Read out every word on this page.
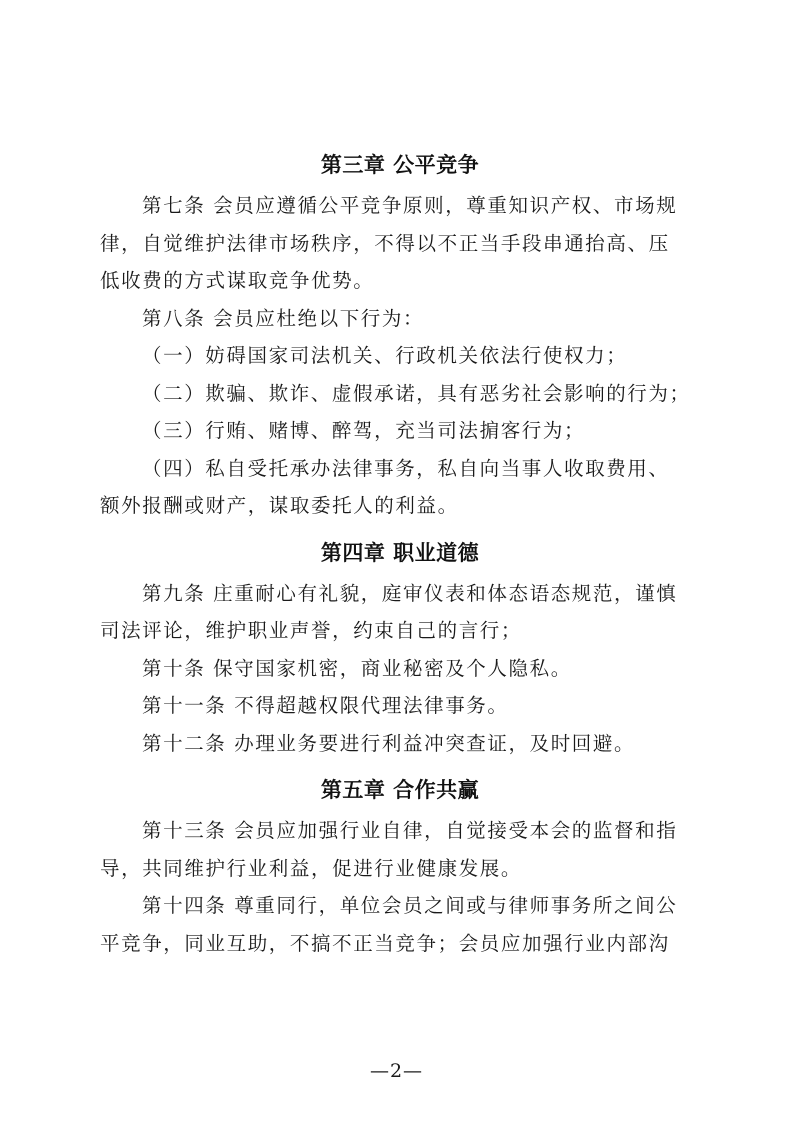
第三章 公平竞争

第七条 会员应遵循公平竞争原则，尊重知识产权、市场规

律，自觉维护法律市场秩序，不得以不正当手段串通抬高、压

低收费的方式谋取竞争优势。

第八条 会员应杜绝以下行为：

（一）妨碍国家司法机关、行政机关依法行使权力；

（二）欺骗、欺诈、虚假承诺，具有恶劣社会影响的行为；

（三）行贿、赌博、醉驾，充当司法掮客行为；

（四）私自受托承办法律事务，私自向当事人收取费用、

额外报酬或财产，谋取委托人的利益。

第四章 职业道德

第九条 庄重耐心有礼貌，庭审仪表和体态语态规范，谨慎

司法评论，维护职业声誉，约束自己的言行；

第十条 保守国家机密，商业秘密及个人隐私。

第十一条 不得超越权限代理法律事务。

第十二条 办理业务要进行利益冲突查证，及时回避。

第五章 合作共赢

第十三条 会员应加强行业自律，自觉接受本会的监督和指

导，共同维护行业利益，促进行业健康发展。

第十四条 尊重同行，单位会员之间或与律师事务所之间公

平竞争，同业互助，不搞不正当竞争；会员应加强行业内部沟

—2—
